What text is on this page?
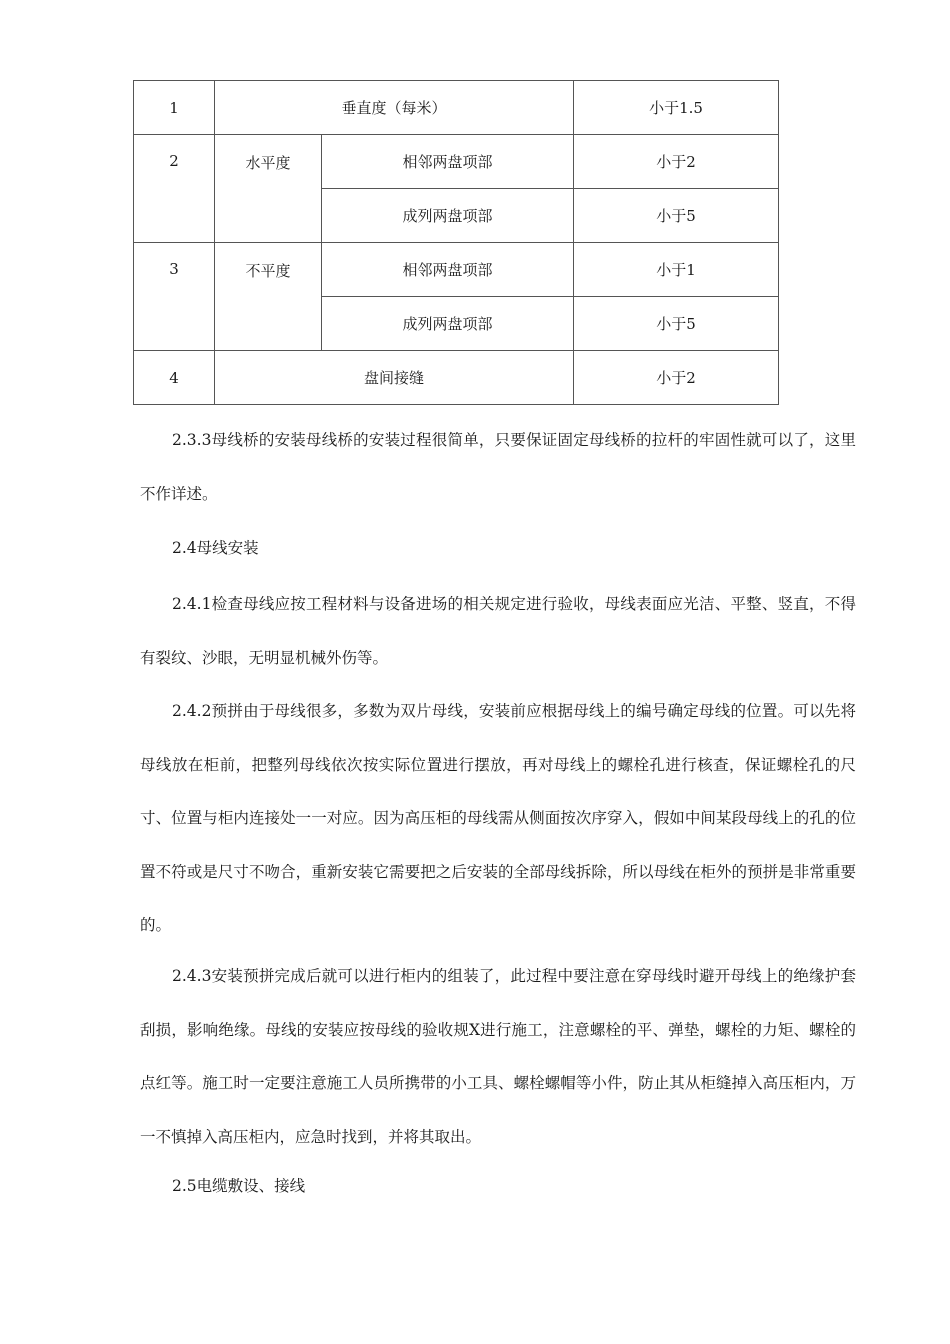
1	垂直度（每米）		小于1.5
2	水平度	相邻两盘项部	小于2
		成列两盘项部	小于5
3	不平度	相邻两盘项部	小于1
		成列两盘项部	小于5
4	盘间接缝		小于2

2.3.3母线桥的安装母线桥的安装过程很简单，只要保证固定母线桥的拉杆的牢固性就可以了，这里不作详述。

2.4母线安装

2.4.1检查母线应按工程材料与设备进场的相关规定进行验收，母线表面应光洁、平整、竖直，不得有裂纹、沙眼，无明显机械外伤等。

2.4.2预拼由于母线很多，多数为双片母线，安装前应根据母线上的编号确定母线的位置。可以先将母线放在柜前，把整列母线依次按实际位置进行摆放，再对母线上的螺栓孔进行核查，保证螺栓孔的尺寸、位置与柜内连接处一一对应。因为高压柜的母线需从侧面按次序穿入，假如中间某段母线上的孔的位置不符或是尺寸不吻合，重新安装它需要把之后安装的全部母线拆除，所以母线在柜外的预拼是非常重要的。

2.4.3安装预拼完成后就可以进行柜内的组装了，此过程中要注意在穿母线时避开母线上的绝缘护套刮损，影响绝缘。母线的安装应按母线的验收规X进行施工，注意螺栓的平、弹垫，螺栓的力矩、螺栓的点红等。施工时一定要注意施工人员所携带的小工具、螺栓螺帽等小件，防止其从柜缝掉入高压柜内，万一不慎掉入高压柜内，应急时找到，并将其取出。

2.5电缆敷设、接线
